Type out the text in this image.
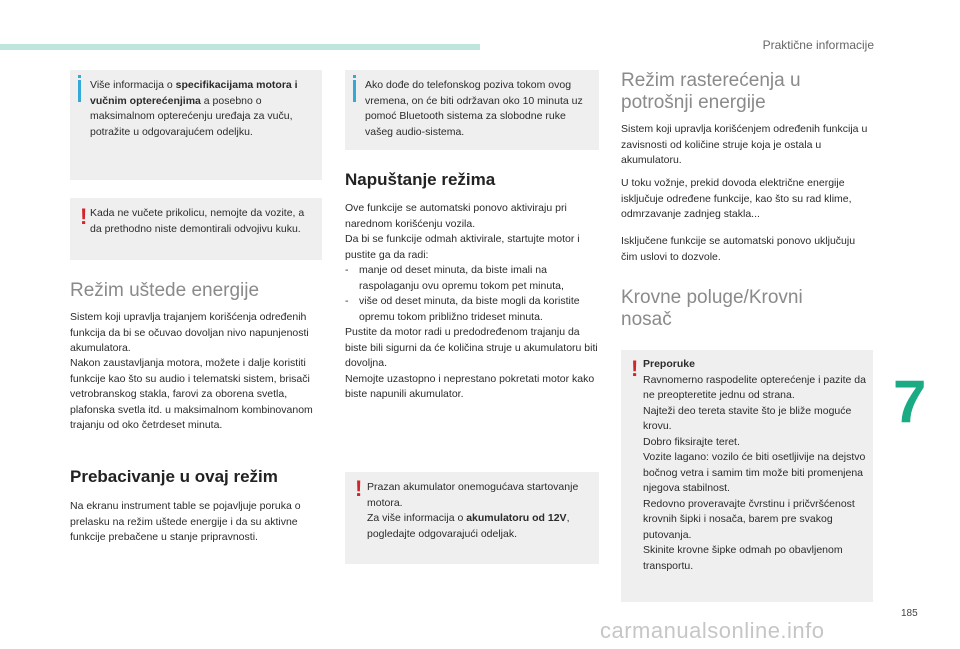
Praktične informacije
7
Više informacija o specifikacijama motora i vučnim opterećenjima a posebno o maksimalnom opterećenju uređaja za vuču, potražite u odgovarajućem odeljku.
! Kada ne vučete prikolicu, nemojte da vozite, a da prethodno niste demontirali odvojivu kuku.
Režim uštede energije
Sistem koji upravlja trajanjem korišćenja određenih funkcija da bi se očuvao dovoljan nivo napunjenosti akumulatora.
Nakon zaustavljanja motora, možete i dalje koristiti funkcije kao što su audio i telematski sistem, brisači vetrobranskog stakla, farovi za oborena svetla, plafonska svetla itd. u maksimalnom kombinovanom trajanju od oko četrdeset minuta.
Prebacivanje u ovaj režim
Na ekranu instrument table se pojavljuje poruka o prelasku na režim uštede energije i da su aktivne funkcije prebačene u stanje pripravnosti.
Ako dođe do telefonskog poziva tokom ovog vremena, on će biti održavan oko 10 minuta uz pomoć Bluetooth sistema za slobodne ruke vašeg audio-sistema.
Napuštanje režima
Ove funkcije se automatski ponovo aktiviraju pri narednom korišćenju vozila.
Da bi se funkcije odmah aktivirale, startujte motor i pustite ga da radi:
-	manje od deset minuta, da biste imali na raspolaganju ovu opremu tokom pet minuta,
-	više od deset minuta, da biste mogli da koristite opremu tokom približno trideset minuta.
Pustite da motor radi u predodređenom trajanju da biste bili sigurni da će količina struje u akumulatoru biti dovoljna.
Nemojte uzastopno i neprestano pokretati motor kako biste napunili akumulator.
! Prazan akumulator onemogućava startovanje motora.
Za više informacija o akumulatoru od 12V, pogledajte odgovarajući odeljak.
Režim rasterećenja u potrošnji energije
Sistem koji upravlja korišćenjem određenih funkcija u zavisnosti od količine struje koja je ostala u akumulatoru.
U toku vožnje, prekid dovoda električne energije isključuje određene funkcije, kao što su rad klime, odmrzavanje zadnjeg stakla...
Isključene funkcije se automatski ponovo uključuju čim uslovi to dozvole.
Krovne poluge/Krovni nosač
! Preporuke
Ravnomerno raspodelite opterećenje i pazite da ne preopteretite jednu od strana.
Najteži deo tereta stavite što je bliže moguće krovu.
Dobro fiksirajte teret.
Vozite lagano: vozilo će biti osetljivije na dejstvo bočnog vetra i samim tim može biti promenjena njegova stabilnost.
Redovno proveravajte čvrstinu i pričvršćenost krovnih šipki i nosača, barem pre svakog putovanja.
Skinite krovne šipke odmah po obavljenom transportu.
185
carmanualsonline.info
